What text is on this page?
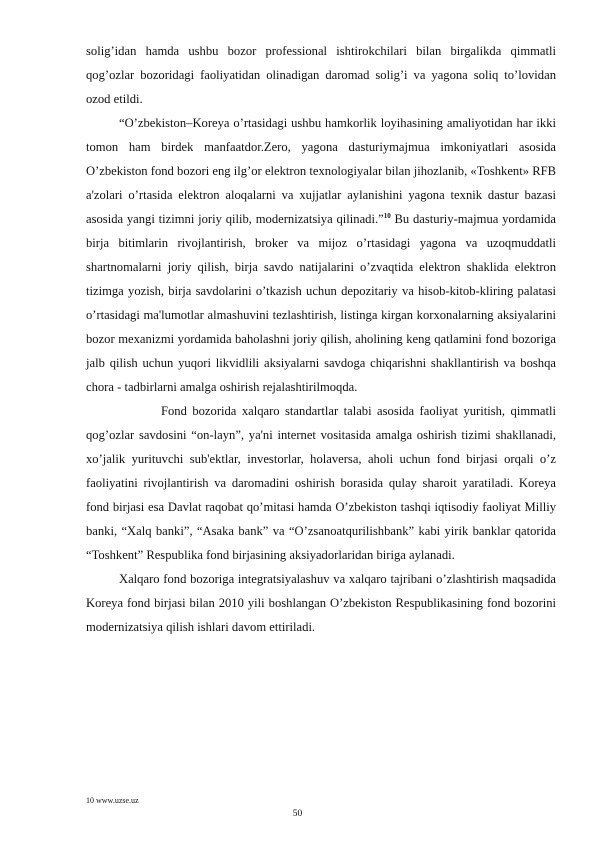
solig’idan hamda ushbu bozor professional ishtirokchilari bilan birgalikda qimmatli qog’ozlar bozoridagi faoliyatidan olinadigan daromad solig’i va yagona soliq to’lovidan ozod etildi.

“O’zbekiston–Koreya o’rtasidagi ushbu hamkorlik loyihasining amaliyotidan har ikki tomon ham birdek manfaatdor.Zero, yagona dasturiymajmua imkoniyatlari asosida O’zbekiston fond bozori eng ilg’or elektron texnologiyalar bilan jihozlanib, «Toshkent» RFB a'zolari o’rtasida elektron aloqalarni va xujjatlar aylanishini yagona texnik dastur bazasi asosida yangi tizimni joriy qilib, modernizatsiya qilinadi.”$^{10}$ Bu dasturiy-majmua yordamida birja bitimlarin rivojlantirish, broker va mijoz o’rtasidagi yagona va uzoqmuddatli shartnomalarni joriy qilish, birja savdo natijalarini o’zvaqtida elektron shaklida elektron tizimga yozish, birja savdolarini o’tkazish uchun depozitariy va hisob-kitob-kliring palatasi o’rtasidagi ma'lumotlar almashuvini tezlashtirish, listinga kirgan korxonalarning aksiyalarini bozor mexanizmi yordamida baholashni joriy qilish, aholining keng qatlamini fond bozoriga jalb qilish uchun yuqori likvidlili aksiyalarni savdoga chiqarishni shakllantirish va boshqa chora - tadbirlarni amalga oshirish rejalashtirilmoqda.

Fond bozorida xalqaro standartlar talabi asosida faoliyat yuritish, qimmatli qog’ozlar savdosini “on-layn”, ya'ni internet vositasida amalga oshirish tizimi shakllanadi, xo’jalik yurituvchi sub'ektlar, investorlar, holaversa, aholi uchun fond birjasi orqali o’z faoliyatini rivojlantirish va daromadini oshirish borasida qulay sharoit yaratiladi. Koreya fond birjasi esa Davlat raqobat qo’mitasi hamda O’zbekiston tashqi iqtisodiy faoliyat Milliy banki, “Xalq banki”, “Asaka bank” va “O’zsanoatqurilishbank” kabi yirik banklar qatorida “Toshkent” Respublika fond birjasining aksiyadorlaridan biriga aylanadi.

Xalqaro fond bozoriga integratsiyalashuv va xalqaro tajribani o’zlashtirish maqsadida Koreya fond birjasi bilan 2010 yili boshlangan O’zbekiston Respublikasining fond bozorini modernizatsiya qilish ishlari davom ettiriladi.

10 www.uzse.uz
50
